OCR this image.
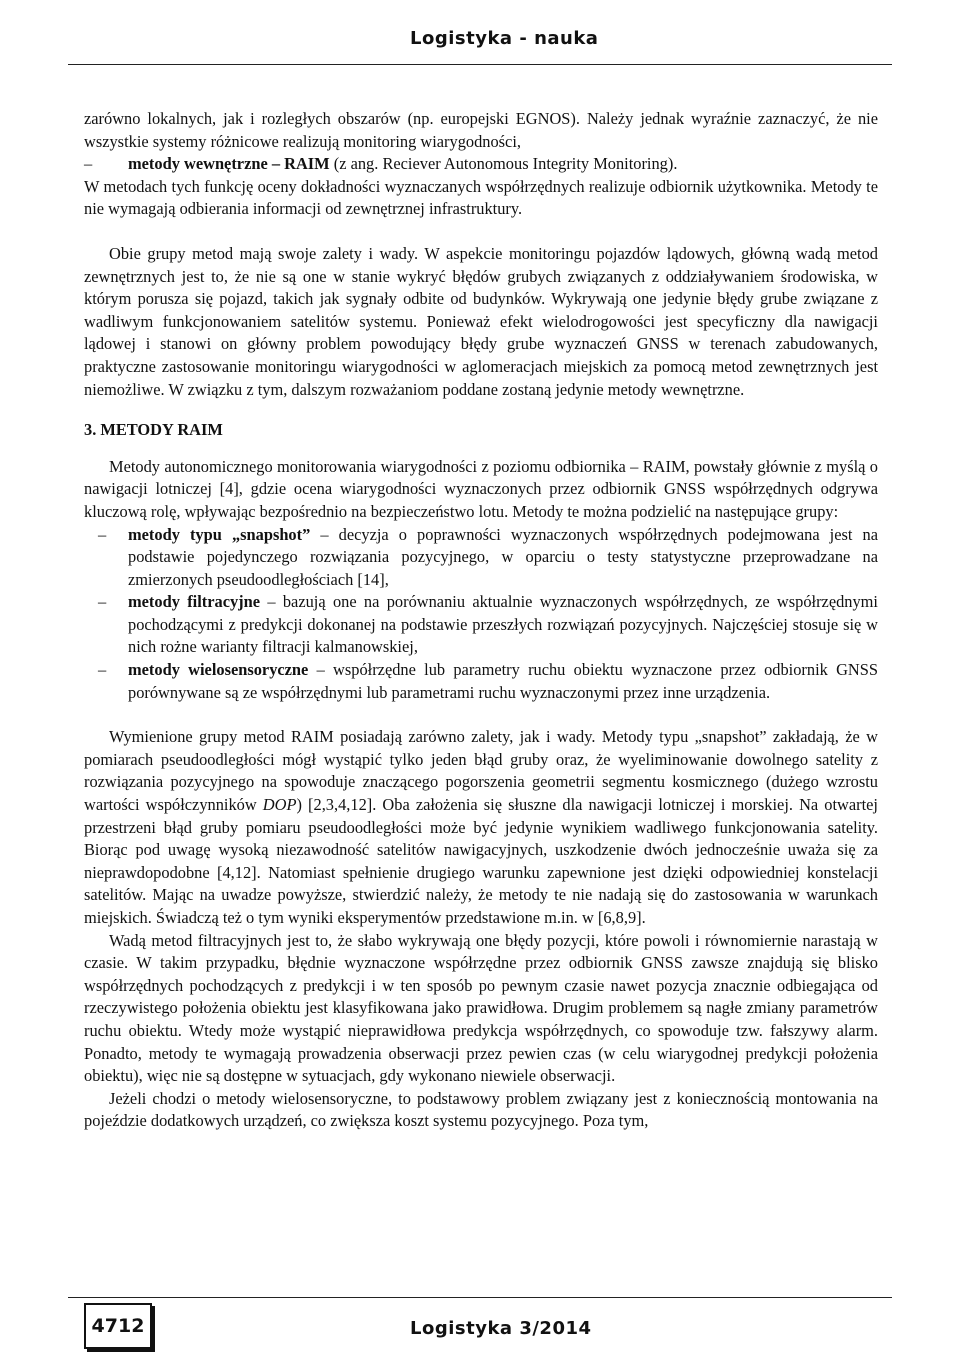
Logistyka - nauka

zarówno lokalnych, jak i rozległych obszarów (np. europejski EGNOS). Należy jednak wyraźnie zaznaczyć, że nie wszystkie systemy różnicowe realizują monitoring wiarygodności,

–	metody wewnętrzne – RAIM (z ang. Reciever Autonomous Integrity Monitoring).

W metodach tych funkcję oceny dokładności wyznaczanych współrzędnych realizuje odbiornik użytkownika. Metody te nie wymagają odbierania informacji od zewnętrznej infrastruktury.

Obie grupy metod mają swoje zalety i wady. W aspekcie monitoringu pojazdów lądowych, główną wadą metod zewnętrznych jest to, że nie są one w stanie wykryć błędów grubych związanych z oddziaływaniem środowiska, w którym porusza się pojazd, takich jak sygnały odbite od budynków. Wykrywają one jedynie błędy grube związane z wadliwym funkcjonowaniem satelitów systemu. Ponieważ efekt wielodrogowości jest specyficzny dla nawigacji lądowej i stanowi on główny problem powodujący błędy grube wyznaczeń GNSS w terenach zabudowanych, praktyczne zastosowanie monitoringu wiarygodności w aglomeracjach miejskich za pomocą metod zewnętrznych jest niemożliwe. W związku z tym, dalszym rozważaniom poddane zostaną jedynie metody wewnętrzne.

3. METODY RAIM

Metody autonomicznego monitorowania wiarygodności z poziomu odbiornika – RAIM, powstały głównie z myślą o nawigacji lotniczej [4], gdzie ocena wiarygodności wyznaczonych przez odbiornik GNSS współrzędnych odgrywa kluczową rolę, wpływając bezpośrednio na bezpieczeństwo lotu. Metody te można podzielić na następujące grupy:

– metody typu „snapshot” – decyzja o poprawności wyznaczonych współrzędnych podejmowana jest na podstawie pojedynczego rozwiązania pozycyjnego, w oparciu o testy statystyczne przeprowadzane na zmierzonych pseudoodległościach [14],
– metody filtracyjne – bazują one na porównaniu aktualnie wyznaczonych współrzędnych, ze współrzędnymi pochodzącymi z predykcji dokonanej na podstawie przeszłych rozwiązań pozycyjnych. Najczęściej stosuje się w nich rożne warianty filtracji kalmanowskiej,
– metody wielosensoryczne – współrzędne lub parametry ruchu obiektu wyznaczone przez odbiornik GNSS porównywane są ze współrzędnymi lub parametrami ruchu wyznaczonymi przez inne urządzenia.

Wymienione grupy metod RAIM posiadają zarówno zalety, jak i wady. Metody typu „snapshot” zakładają, że w pomiarach pseudoodległości mógł wystąpić tylko jeden błąd gruby oraz, że wyeliminowanie dowolnego satelity z rozwiązania pozycyjnego na spowoduje znaczącego pogorszenia geometrii segmentu kosmicznego (dużego wzrostu wartości współczynników DOP) [2,3,4,12]. Oba założenia się słuszne dla nawigacji lotniczej i morskiej. Na otwartej przestrzeni błąd gruby pomiaru pseudoodległości może być jedynie wynikiem wadliwego funkcjonowania satelity. Biorąc pod uwagę wysoką niezawodność satelitów nawigacyjnych, uszkodzenie dwóch jednocześnie uważa się za nieprawdopodobne [4,12]. Natomiast spełnienie drugiego warunku zapewnione jest dzięki odpowiedniej konstelacji satelitów. Mając na uwadze powyższe, stwierdzić należy, że metody te nie nadają się do zastosowania w warunkach miejskich. Świadczą też o tym wyniki eksperymentów przedstawione m.in. w [6,8,9].

Wadą metod filtracyjnych jest to, że słabo wykrywają one błędy pozycji, które powoli i równomiernie narastają w czasie. W takim przypadku, błędnie wyznaczone współrzędne przez odbiornik GNSS zawsze znajdują się blisko współrzędnych pochodzących z predykcji i w ten sposób po pewnym czasie nawet pozycja znacznie odbiegająca od rzeczywistego położenia obiektu jest klasyfikowana jako prawidłowa. Drugim problemem są nagłe zmiany parametrów ruchu obiektu. Wtedy może wystąpić nieprawidłowa predykcja współrzędnych, co spowoduje tzw. fałszywy alarm. Ponadto, metody te wymagają prowadzenia obserwacji przez pewien czas (w celu wiarygodnej predykcji położenia obiektu), więc nie są dostępne w sytuacjach, gdy wykonano niewiele obserwacji.

Jeżeli chodzi o metody wielosensoryczne, to podstawowy problem związany jest z koniecznością montowania na pojeździe dodatkowych urządzeń, co zwiększa koszt systemu pozycyjnego. Poza tym,

4712	Logistyka 3/2014
